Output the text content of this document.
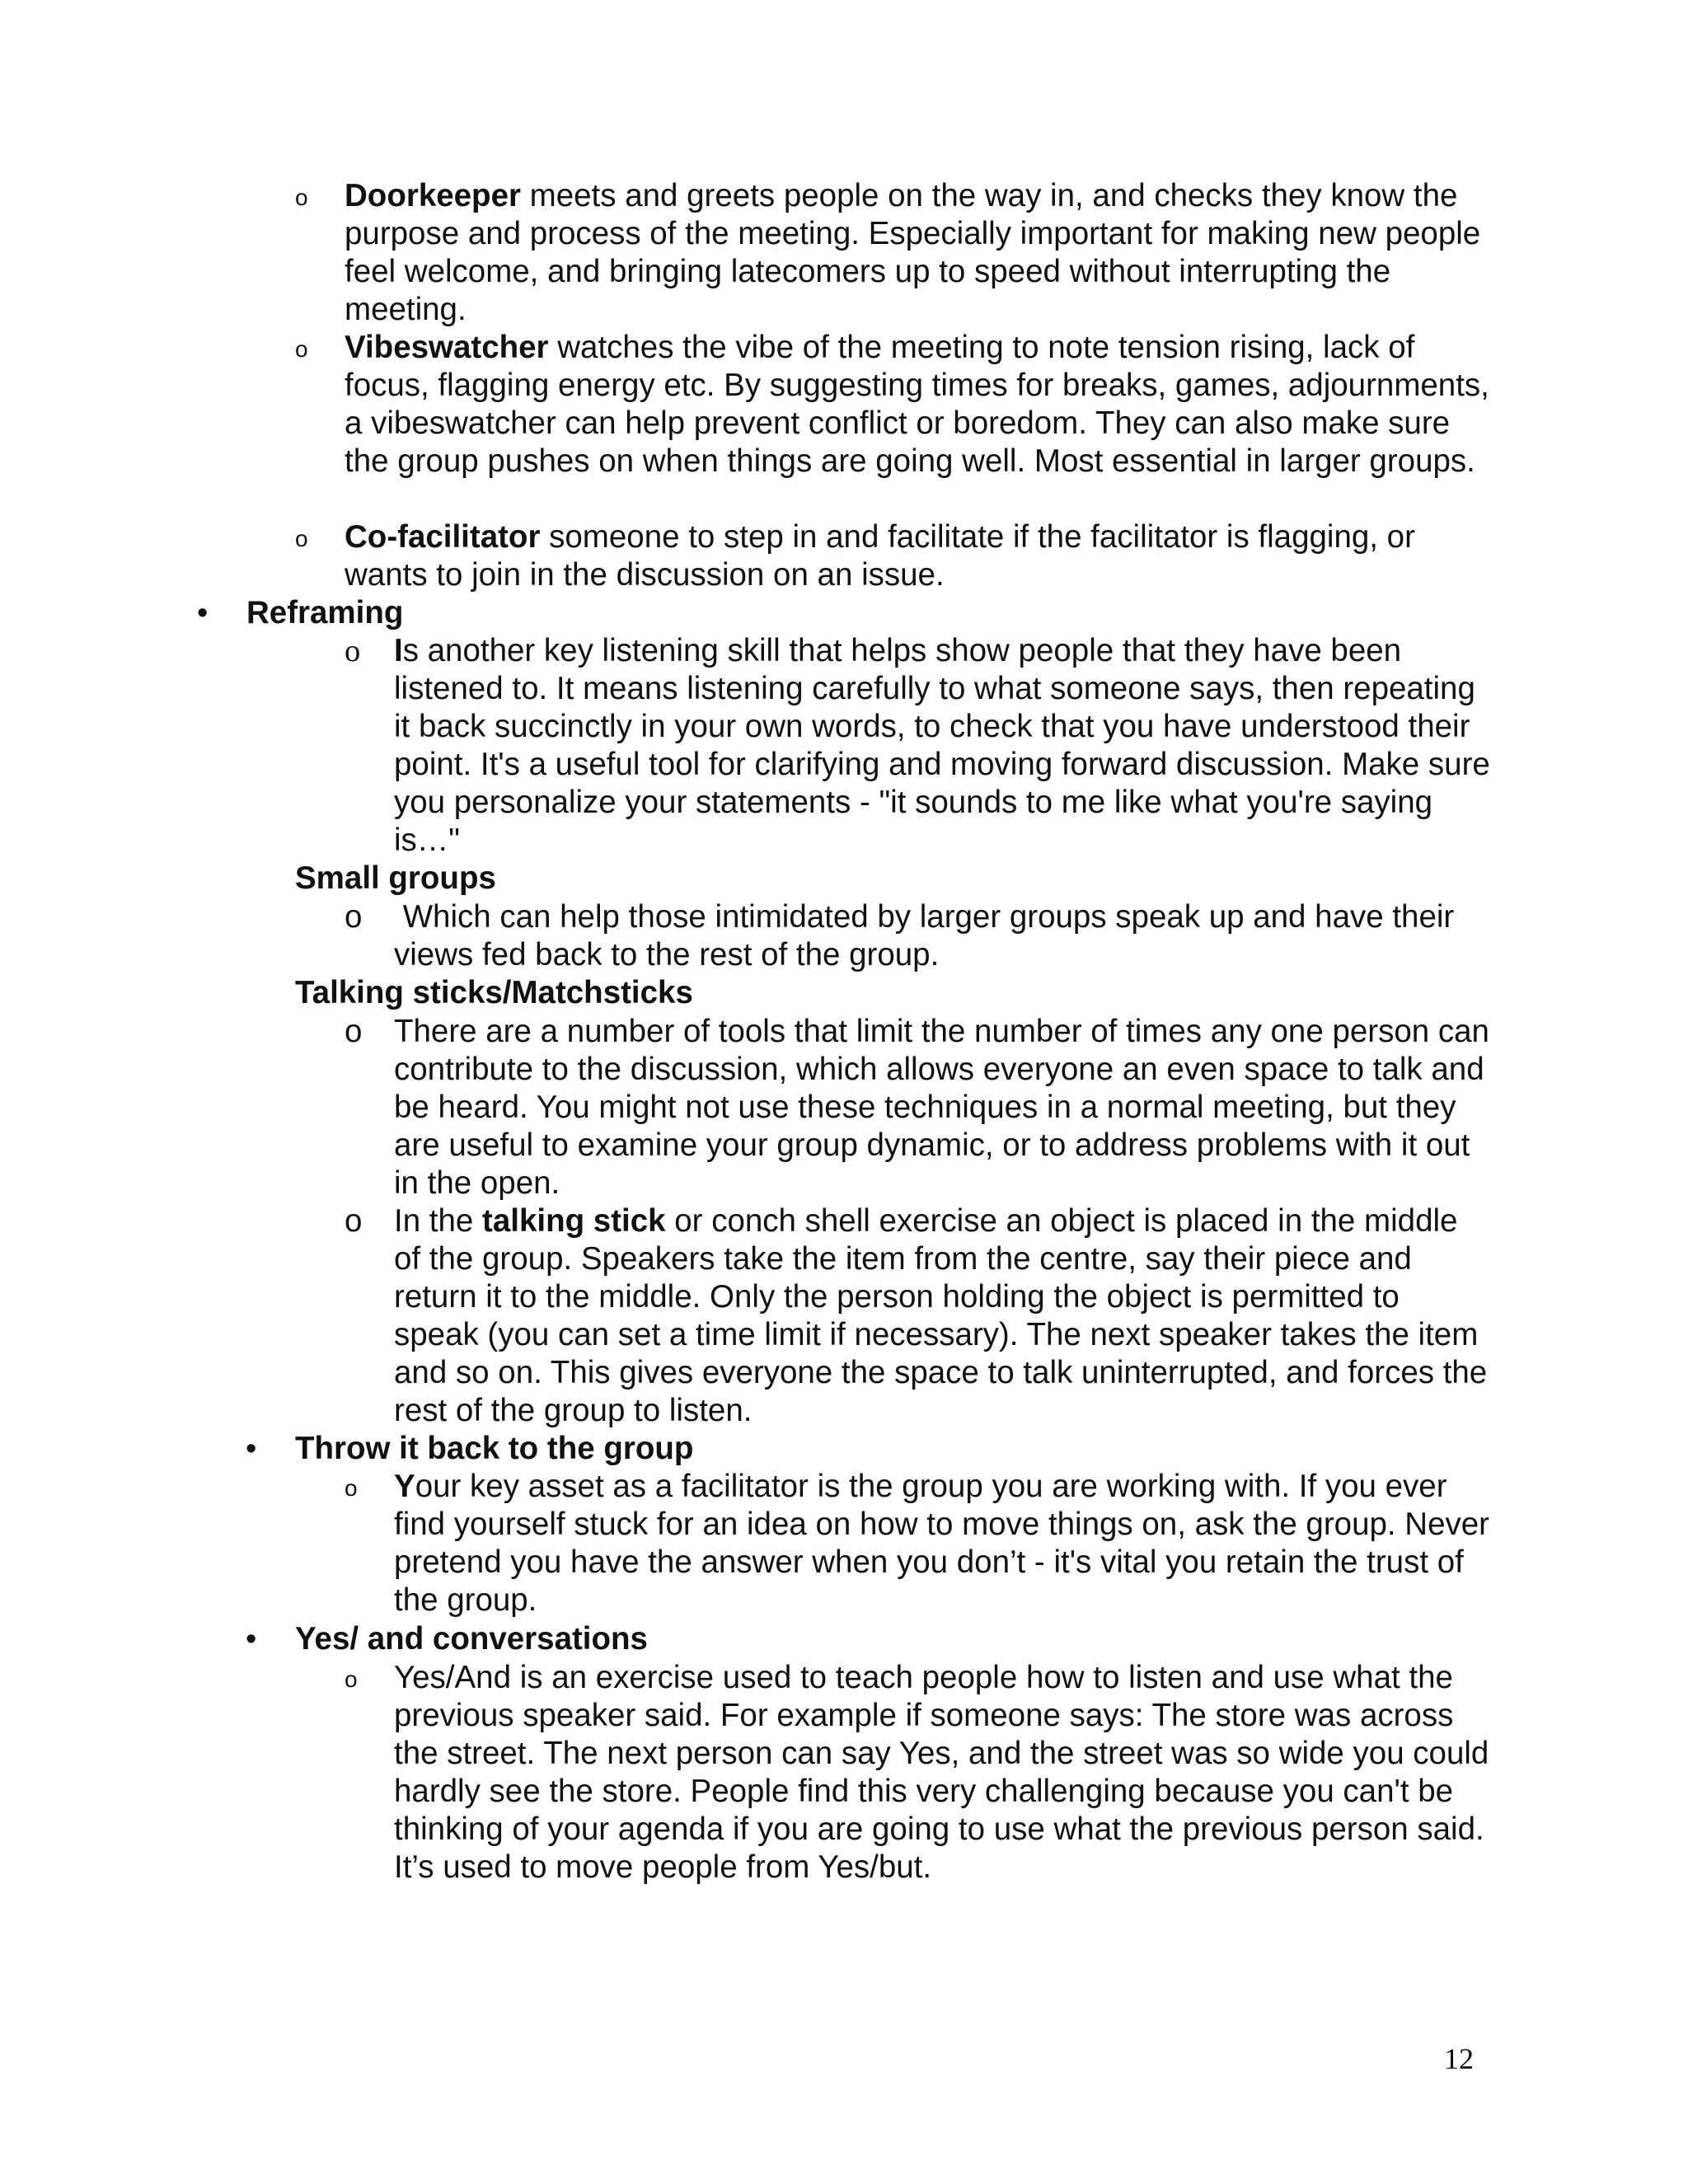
o Doorkeeper meets and greets people on the way in, and checks they know the purpose and process of the meeting. Especially important for making new people feel welcome, and bringing latecomers up to speed without interrupting the meeting.
o Vibeswatcher watches the vibe of the meeting to note tension rising, lack of focus, flagging energy etc. By suggesting times for breaks, games, adjournments, a vibeswatcher can help prevent conflict or boredom. They can also make sure the group pushes on when things are going well. Most essential in larger groups.
o Co-facilitator someone to step in and facilitate if the facilitator is flagging, or wants to join in the discussion on an issue.
• Reframing
o Is another key listening skill that helps show people that they have been listened to. It means listening carefully to what someone says, then repeating it back succinctly in your own words, to check that you have understood their point. It's a useful tool for clarifying and moving forward discussion. Make sure you personalize your statements - "it sounds to me like what you're saying is…"
Small groups
o Which can help those intimidated by larger groups speak up and have their views fed back to the rest of the group.
Talking sticks/Matchsticks
o There are a number of tools that limit the number of times any one person can contribute to the discussion, which allows everyone an even space to talk and be heard. You might not use these techniques in a normal meeting, but they are useful to examine your group dynamic, or to address problems with it out in the open.
o In the talking stick or conch shell exercise an object is placed in the middle of the group. Speakers take the item from the centre, say their piece and return it to the middle. Only the person holding the object is permitted to speak (you can set a time limit if necessary). The next speaker takes the item and so on. This gives everyone the space to talk uninterrupted, and forces the rest of the group to listen.
• Throw it back to the group
o Your key asset as a facilitator is the group you are working with. If you ever find yourself stuck for an idea on how to move things on, ask the group. Never pretend you have the answer when you don’t - it's vital you retain the trust of the group.
• Yes/ and conversations
o Yes/And is an exercise used to teach people how to listen and use what the previous speaker said. For example if someone says: The store was across the street. The next person can say Yes, and the street was so wide you could hardly see the store. People find this very challenging because you can't be thinking of your agenda if you are going to use what the previous person said.  It’s used to move people from Yes/but.
12
